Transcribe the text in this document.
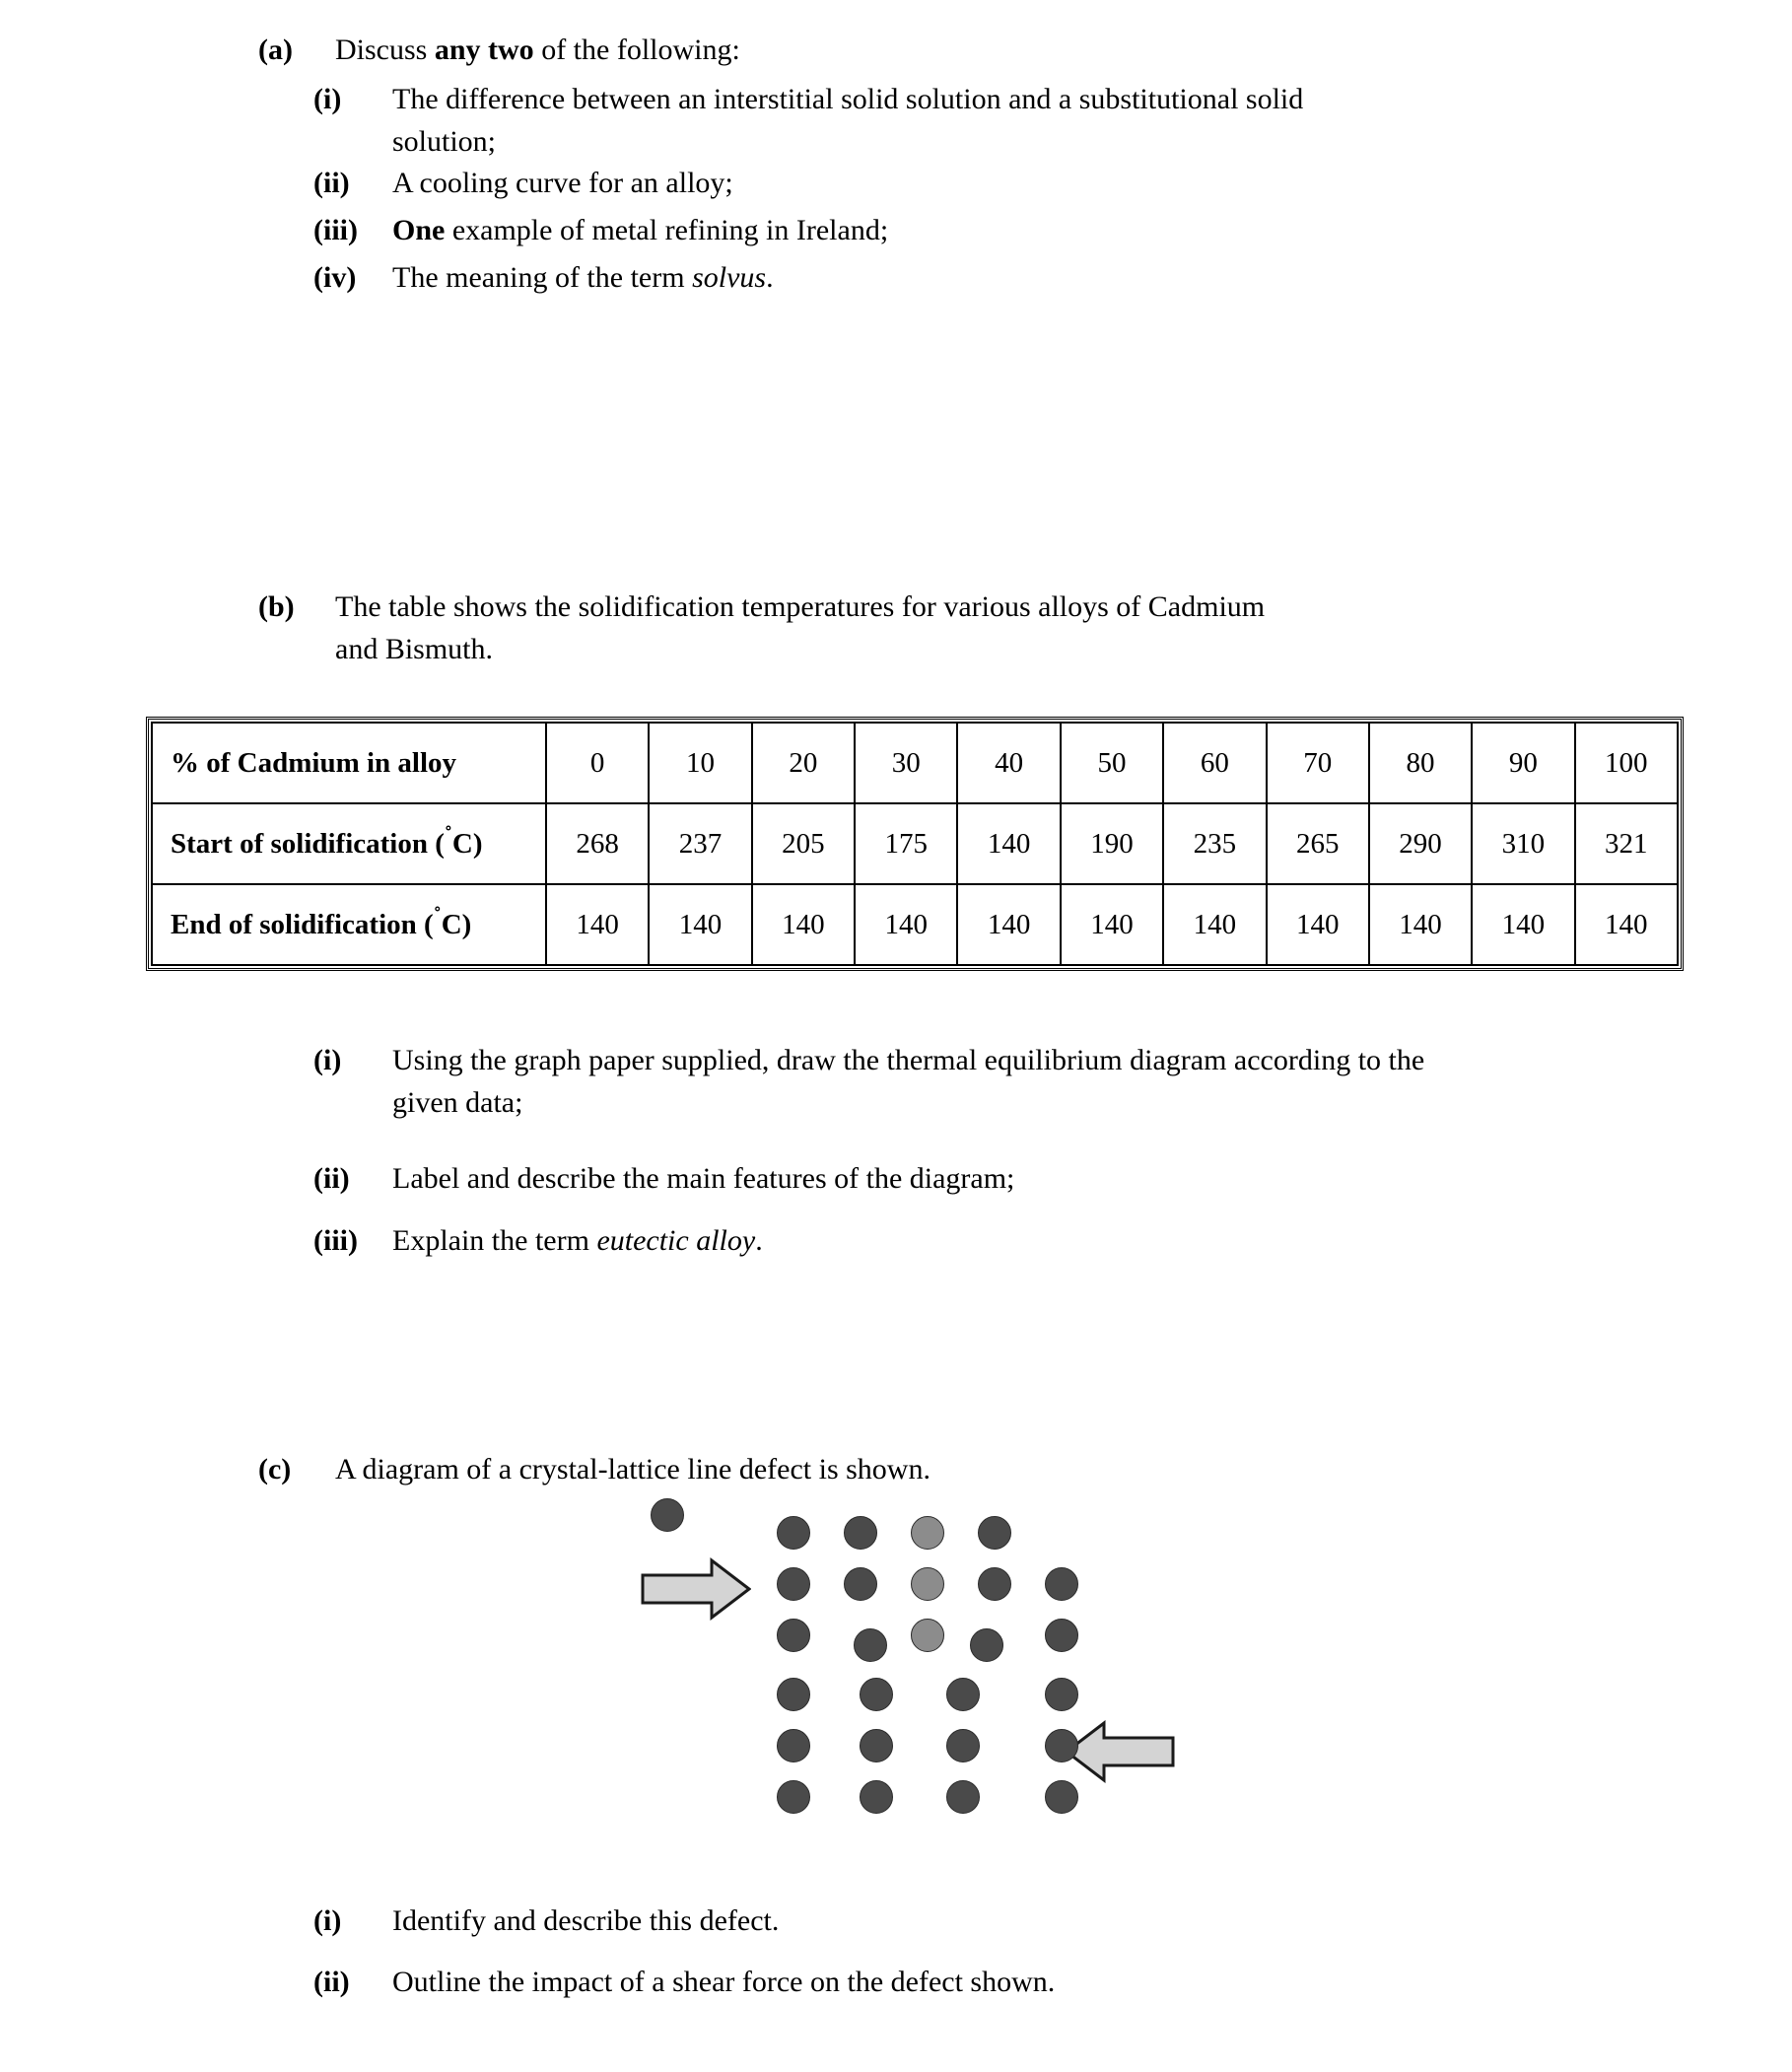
(a)	Discuss any two of the following:
(i)	The difference between an interstitial solid solution and a substitutional solid solution;
(ii)	A cooling curve for an alloy;
(iii)	One example of metal refining in Ireland;
(iv)	The meaning of the term solvus.
(b)	The table shows the solidification temperatures for various alloys of Cadmium and Bismuth.
% of Cadmium in alloy	0	10	20	30	40	50	60	70	80	90	100
Start of solidification (˚C)	268	237	205	175	140	190	235	265	290	310	321
End of solidification (˚C)	140	140	140	140	140	140	140	140	140	140	140
(i)	Using the graph paper supplied, draw the thermal equilibrium diagram according to the given data;
(ii)	Label and describe the main features of the diagram;
(iii)	Explain the term eutectic alloy.
(c)	A diagram of a crystal-lattice line defect is shown.
(i)	Identify and describe this defect.
(ii)	Outline the impact of a shear force on the defect shown.
